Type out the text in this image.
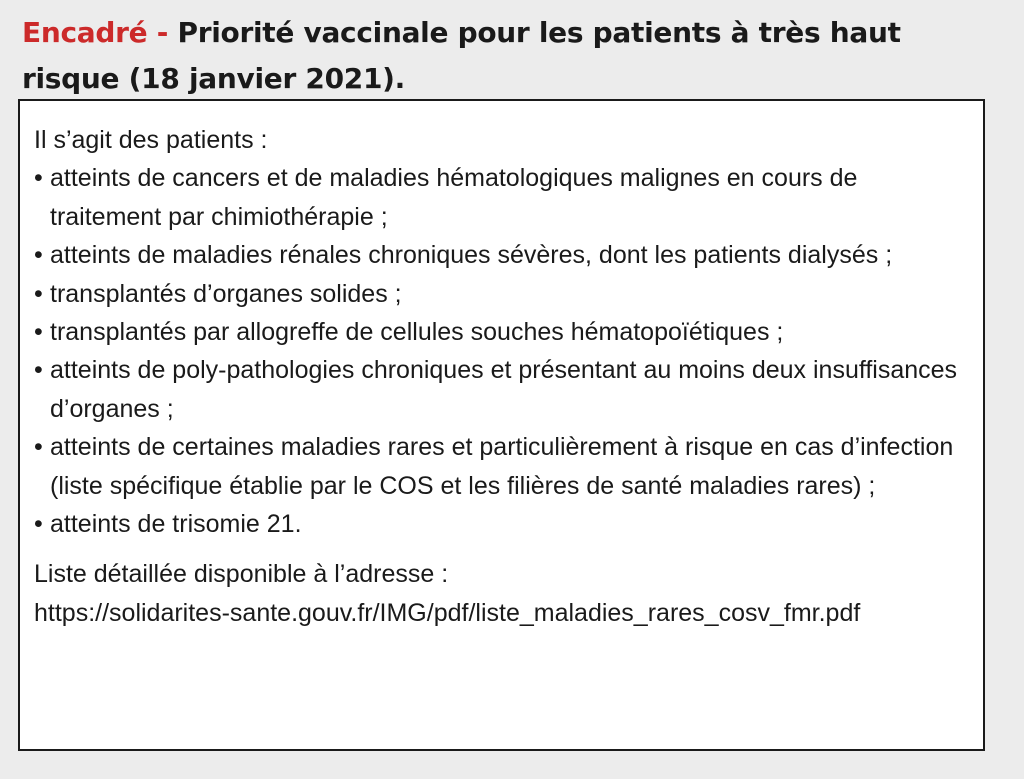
Encadré - Priorité vaccinale pour les patients à très haut risque (18 janvier 2021).

Il s’agit des patients :

• atteints de cancers et de maladies hématologiques malignes en cours de traitement par chimiothérapie ;
• atteints de maladies rénales chroniques sévères, dont les patients dialysés ;
• transplantés d’organes solides ;
• transplantés par allogreffe de cellules souches hématopoïétiques ;
• atteints de poly-pathologies chroniques et présentant au moins deux insuffisances d’organes ;
• atteints de certaines maladies rares et particulièrement à risque en cas d’infection (liste spécifique établie par le COS et les filières de santé maladies rares) ;
• atteints de trisomie 21.

Liste détaillée disponible à l’adresse :

https://solidarites-sante.gouv.fr/IMG/pdf/liste_maladies_rares_cosv_fmr.pdf
